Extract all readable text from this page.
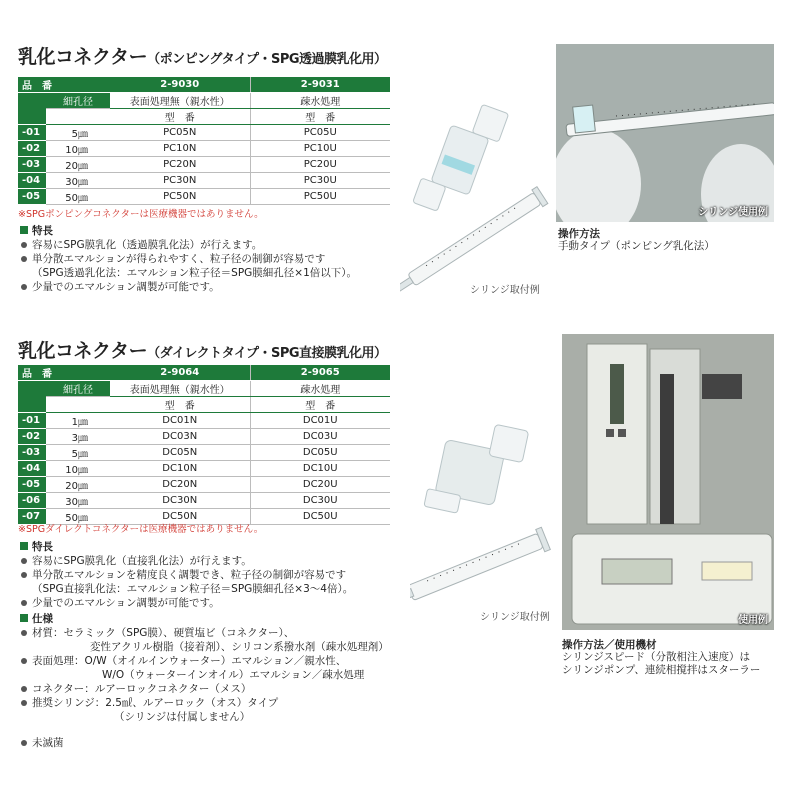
乳化コネクター（ポンピングタイプ・SPG透過膜乳化用）
品　番		2-9030	2-9031
	細孔径	表面処理無（親水性）	疎水処理
		型　番	型　番
-01	5㎛	PC05N	PC05U
-02	10㎛	PC10N	PC10U
-03	20㎛	PC20N	PC20U
-04	30㎛	PC30N	PC30U
-05	50㎛	PC50N	PC50U
※SPGポンピングコネクターは医療機器ではありません。
特長
容易にSPG膜乳化（透過膜乳化法）が行えます。
単分散エマルションが得られやすく、粒子径の制御が容易です
（SPG透過乳化法：エマルション粒子径＝SPG膜細孔径×1倍以下）。
少量でのエマルション調製が可能です。	シリンジ取付例
シリンジ使用例
操作方法
手動タイプ（ポンピング乳化法）
乳化コネクター（ダイレクトタイプ・SPG直接膜乳化用）
品　番		2-9064	2-9065
	細孔径	表面処理無（親水性）	疎水処理
		型　番	型　番
-01	1㎛	DC01N	DC01U
-02	3㎛	DC03N	DC03U
-03	5㎛	DC05N	DC05U
-04	10㎛	DC10N	DC10U
-05	20㎛	DC20N	DC20U
-06	30㎛	DC30N	DC30U
-07	50㎛	DC50N	DC50U
※SPGダイレクトコネクターは医療機器ではありません。
特長
容易にSPG膜乳化（直接乳化法）が行えます。
単分散エマルションを精度良く調製でき、粒子径の制御が容易です
（SPG直接乳化法：エマルション粒子径＝SPG膜細孔径×3～4倍）。
少量でのエマルション調製が可能です。
仕様
材質：セラミック（SPG膜）、硬質塩ビ（コネクター）、
変性アクリル樹脂（接着剤）、シリコン系撥水剤（疎水処理剤）
表面処理：O/W（オイルインウォーター）エマルション／親水性、
W/O（ウォーターインオイル）エマルション／疎水処理
コネクター：ルアーロックコネクター（メス）
推奨シリンジ：2.5㎖、ルアーロック（オス）タイプ
（シリンジは付属しません）
未滅菌
シリンジ取付例	使用例
操作方法／使用機材
シリンジスピード（分散相注入速度）は
シリンジポンプ、連続相撹拌はスターラー
